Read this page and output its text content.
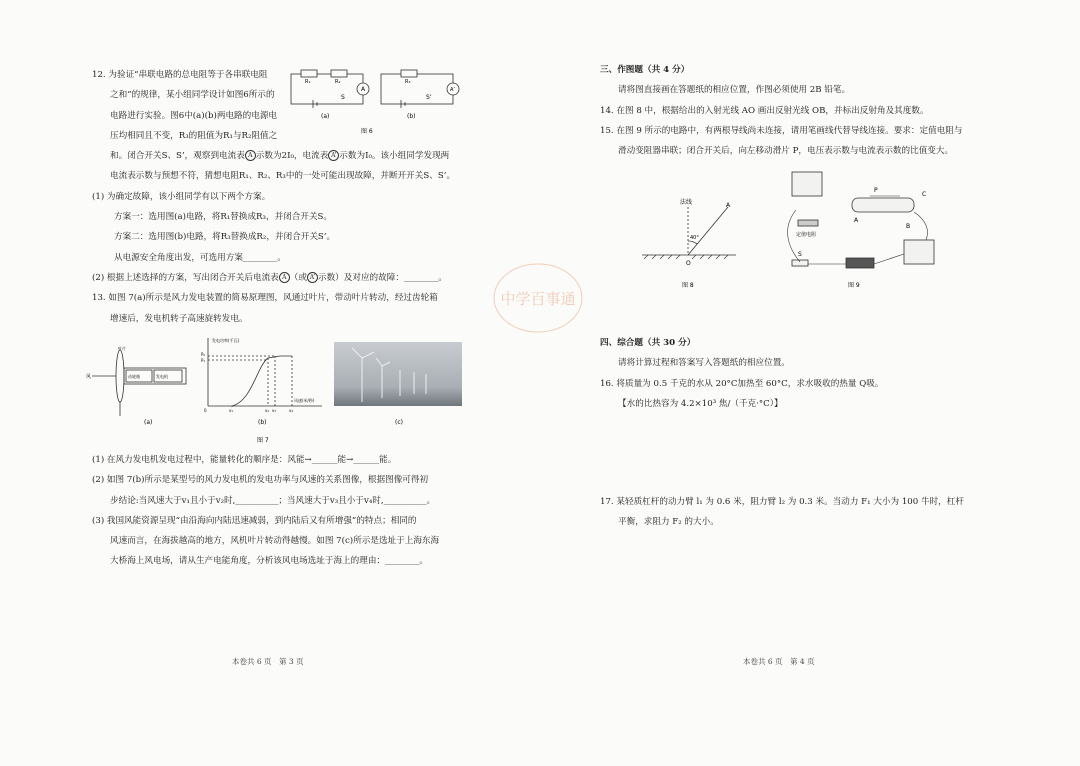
12. 为验证“串联电路的总电阻等于各串联电阻

之和”的规律，某小组同学设计如图6所示的

电路进行实验。图6中(a)(b)两电路的电源电

压均相同且不变，R₃的阻值为R₁与R₂阻值之

和。闭合开关S、S’，观察到电流表 A 示数为2I₀，电流表 A’ 示数为I₀。该小组同学发现两

电流表示数与预想不符，猜想电阻R₁、R₂、R₃中的一处可能出现故障，并断开开关S、S’。

(1) 为确定故障，该小组同学有以下两个方案。

方案一：选用图(a)电路，将R₁替换成R₃，并闭合开关S。

方案二：选用图(b)电路，将R₃替换成R₂，并闭合开关S’。

从电源安全角度出发，可选用方案________。

(2) 根据上述选择的方案，写出闭合开关后电流表 A （或 A’ 示数）及对应的故障：________。

13. 如图 7(a)所示是风力发电装置的简易原理图，风通过叶片，带动叶片转动，经过齿轮箱

增速后，发电机转子高速旋转发电。

R₁	R₂	R₃
A	A’
S	S’
(a)	(b)
图 6
风
叶片
齿轮箱	发电机
(a)
发电功率(千瓦)
P₂
P₁
0	v₁	v₂ v₃	v₄
风速(米/秒)
(b)	(c)
图 7

(1) 在风力发电机发电过程中，能量转化的顺序是：风能→______能→______能。

(2) 如图 7(b)所示是某型号的风力发电机的发电功率与风速的关系图像，根据图像可得初

步结论:当风速大于v₁且小于v₂时,__________；当风速大于v₃且小于v₄时,__________。

(3) 我国风能资源呈现“由沿海向内陆迅速减弱，到内陆后又有所增强”的特点；相同的

风速而言，在海拔越高的地方，风机叶片转动得越慢。如图 7(c)所示是选址于上海东海

大桥海上风电场，请从生产电能角度，分析该风电场选址于海上的理由：________。

本卷共 6 页　第 3 页
中学百事通

三、作图题（共 4 分）

请将图直接画在答题纸的相应位置，作图必须使用 2B 铅笔。

14. 在图 8 中，根据给出的入射光线 AO 画出反射光线 OB，并标出反射角及其度数。

15. 在图 9 所示的电路中，有两根导线尚未连接，请用笔画线代替导线连接。要求：定值电阻与

滑动变阻器串联；闭合开关后，向左移动滑片 P，电压表示数与电流表示数的比值变大。

法线	A
40°
O
图 8
P
C
A
B
定值电阻
S
图 9

四、综合题（共 30 分）

请将计算过程和答案写入答题纸的相应位置。

16. 将质量为 0.5 千克的水从 20°C加热至 60°C，求水吸收的热量 Q吸。

【水的比热容为 4.2×10³ 焦/（千克·°C）】

17. 某轻质杠杆的动力臂 l₁ 为 0.6 米，阻力臂 l₂ 为 0.3 米。当动力 F₁ 大小为 100 牛时，杠杆

平衡，求阻力 F₂ 的大小。

本卷共 6 页　第 4 页
